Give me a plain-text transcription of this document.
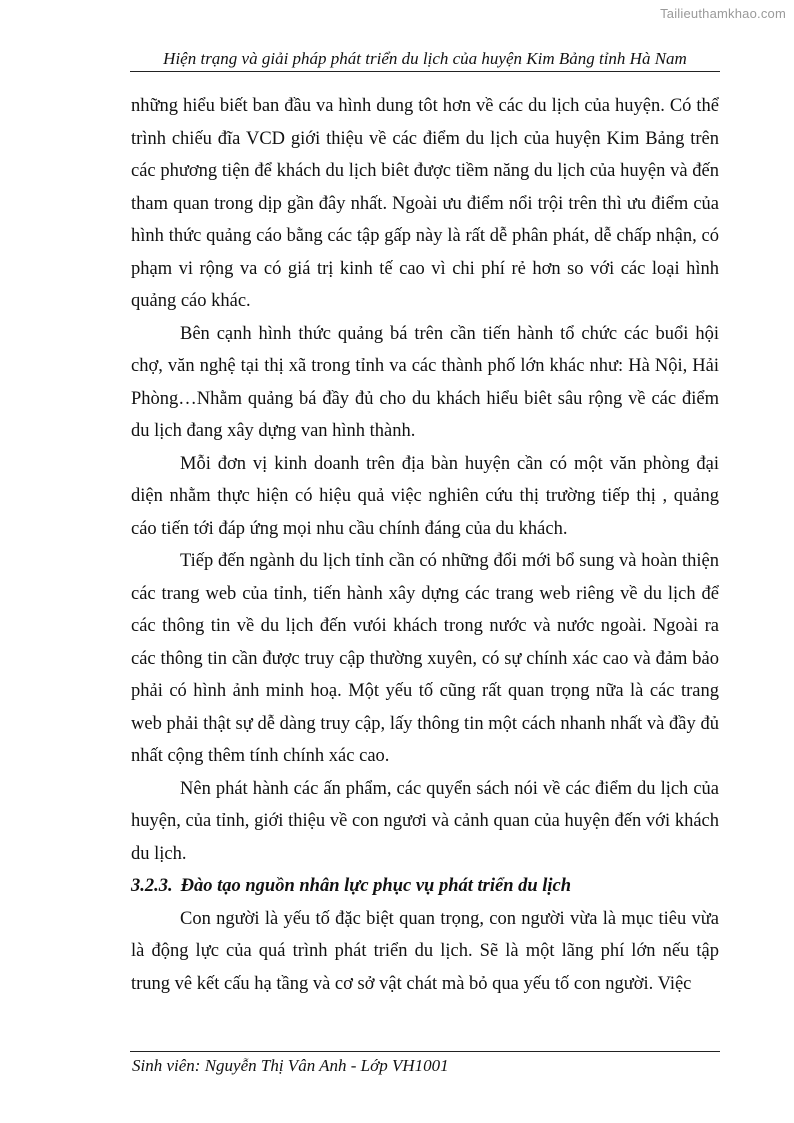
Tailieuthamkhao.com
Hiện trạng và giải pháp phát triển du lịch của huyện Kim Bảng tỉnh Hà Nam

những hiểu biết ban đầu va hình dung tôt hơn về các du lịch của huyện. Có thể trình chiếu đĩa VCD giới thiệu về các điểm du lịch của huyện Kim Bảng trên các phương tiện để khách du lịch biêt được tiềm năng du lịch của huyện và đến tham quan trong dịp gần đây nhất. Ngoài ưu điểm nổi trội trên thì ưu điểm của hình thức quảng cáo bằng các tập gấp này là rất dễ phân phát, dễ chấp nhận, có phạm vi rộng va có giá trị kinh tế cao vì chi phí rẻ hơn so với các loại hình quảng cáo khác.

Bên cạnh hình thức quảng bá trên cần tiến hành tổ chức các buổi hội chợ, văn nghệ tại thị xã trong tỉnh va các thành phố lớn khác như: Hà Nội, Hải Phòng…Nhằm quảng bá đầy đủ cho du khách hiểu biêt sâu rộng về các điểm du lịch đang xây dựng van hình thành.

Mỗi đơn vị kinh doanh trên địa bàn huyện cần có một văn phòng đại diện nhằm thực hiện có hiệu quả việc nghiên cứu thị trường tiếp thị , quảng cáo tiến tới đáp ứng mọi nhu cầu chính đáng của du khách.

Tiếp đến ngành du lịch tỉnh cần có những đổi mới bổ sung và hoàn thiện các trang web của tỉnh, tiến hành xây dựng các trang web riêng về du lịch để các thông tin về du lịch đến vưói khách trong nước và nước ngoài. Ngoài ra các thông tin cần được truy cập thường xuyên, có sự chính xác cao và đảm bảo phải có hình ảnh minh hoạ. Một yếu tố cũng rất quan trọng nữa là các trang web phải thật sự dễ dàng truy cập, lấy thông tin một cách nhanh nhất và đầy đủ nhất cộng thêm tính chính xác cao.

Nên phát hành các ấn phẩm, các quyển sách nói về các điểm du lịch của huyện, của tỉnh, giới thiệu về con ngươi và cảnh quan của huyện đến với khách du lịch.

3.2.3. Đào tạo nguồn nhân lực phục vụ phát triển du lịch

Con người là yếu tố đặc biệt quan trọng, con người vừa là mục tiêu vừa là động lực của quá trình phát triển du lịch. Sẽ là một lãng phí lớn nếu tập trung vê kết cấu hạ tầng và cơ sở vật chát mà bỏ qua yếu tố con người. Việc

Sinh viên: Nguyễn Thị Vân Anh - Lớp VH1001
